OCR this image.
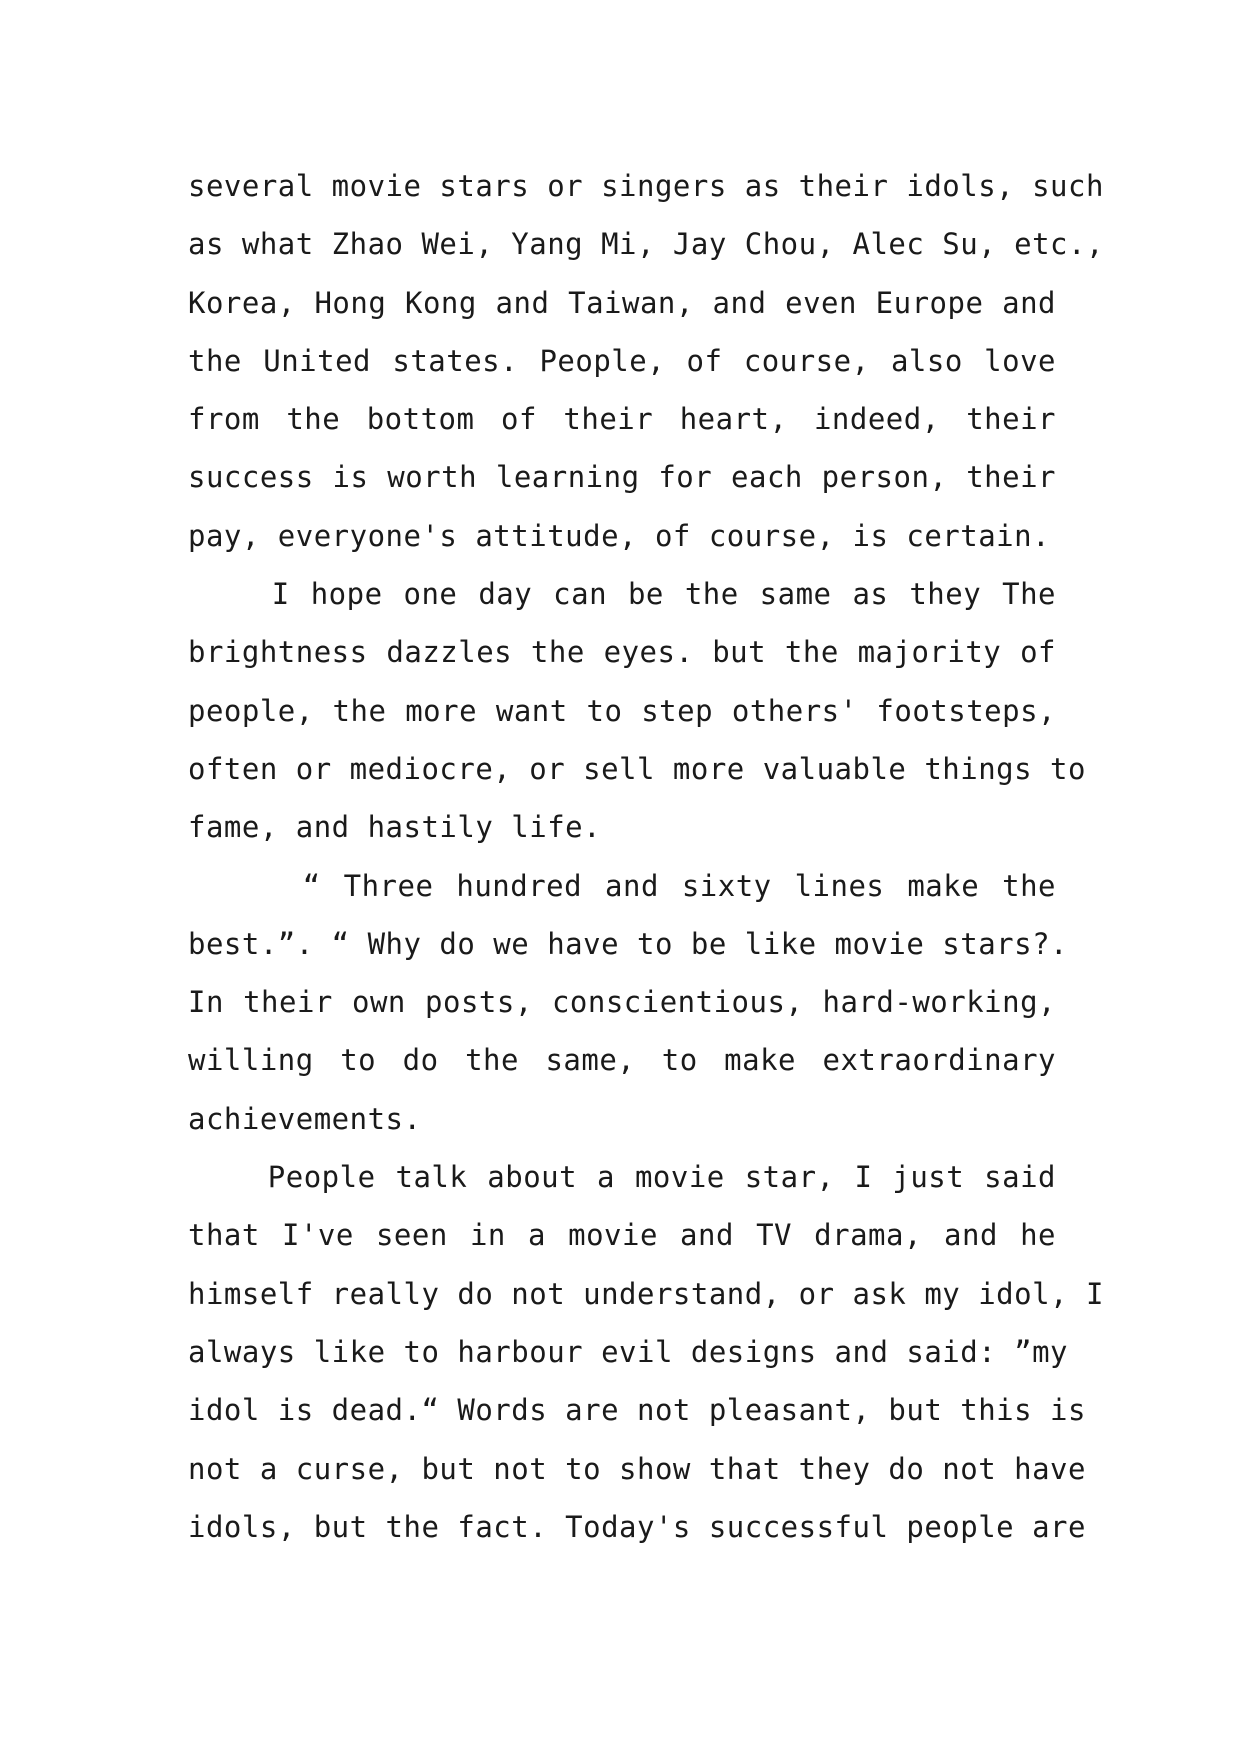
several movie stars or singers as their idols, such
as what Zhao Wei, Yang Mi, Jay Chou, Alec Su, etc.,
Korea, Hong Kong and Taiwan, and even Europe and
the United states. People, of course, also love
from the bottom of their heart, indeed, their
success is worth learning for each person, their
pay, everyone's attitude, of course, is certain.
I hope one day can be the same as they The
brightness dazzles the eyes. but the majority of
people, the more want to step others' footsteps,
often or mediocre, or sell more valuable things to
fame, and hastily life.
“ Three hundred and sixty lines make the
best.”. “ Why do we have to be like movie stars?.
In their own posts, conscientious, hard-working,
willing to do the same, to make extraordinary
achievements.
People talk about a movie star, I just said
that I've seen in a movie and TV drama, and he
himself really do not understand, or ask my idol, I
always like to harbour evil designs and said: ”my
idol is dead.“ Words are not pleasant, but this is
not a curse, but not to show that they do not have
idols, but the fact. Today's successful people are
